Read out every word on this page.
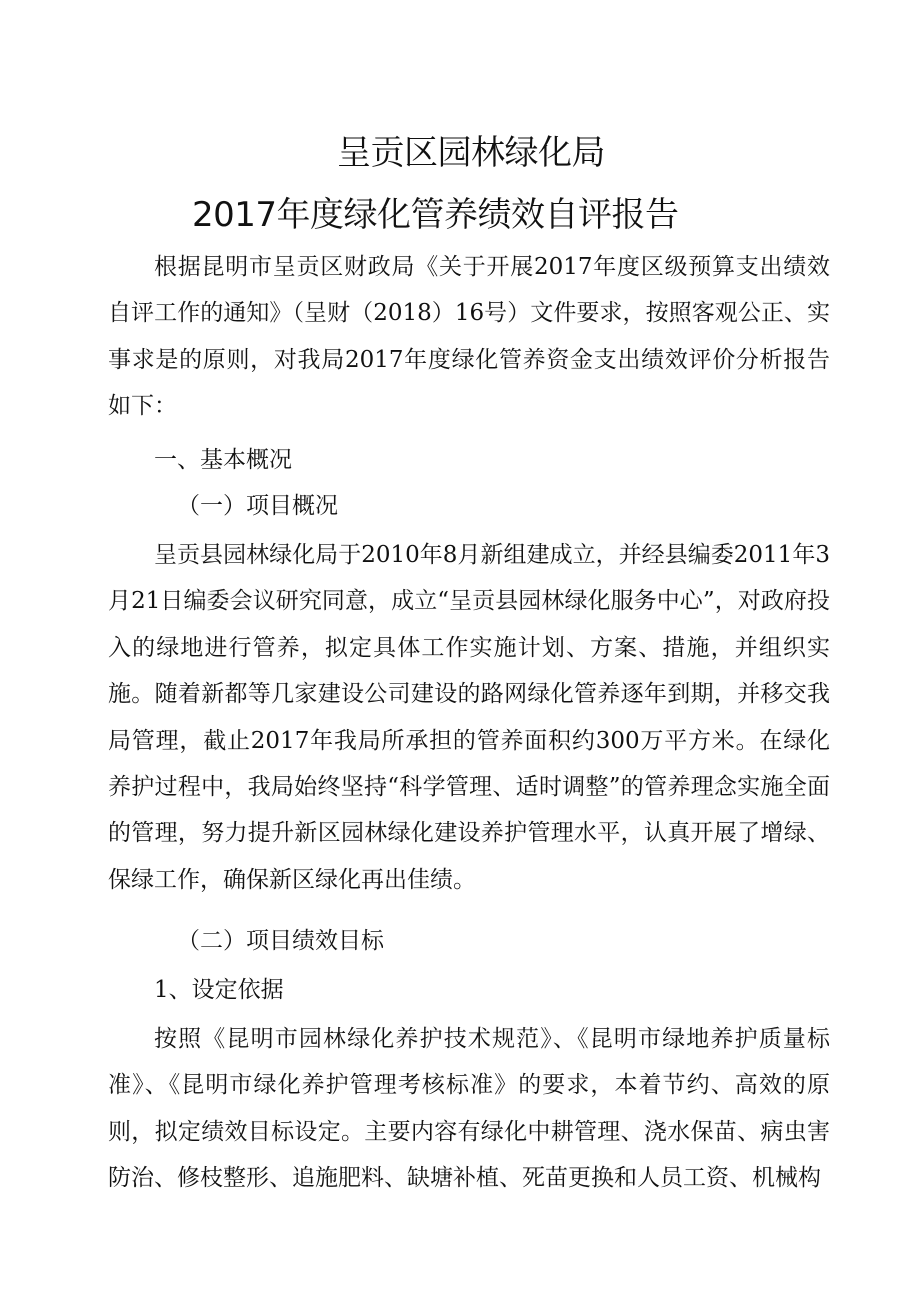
呈贡区园林绿化局
2017年度绿化管养绩效自评报告

根据昆明市呈贡区财政局《关于开展2017年度区级预算支出绩效自评工作的通知》（呈财（2018）16号）文件要求，按照客观公正、实事求是的原则，对我局2017年度绿化管养资金支出绩效评价分析报告如下：

一、基本概况

（一）项目概况

呈贡县园林绿化局于2010年8月新组建成立，并经县编委2011年3月21日编委会议研究同意，成立“呈贡县园林绿化服务中心”，对政府投入的绿地进行管养，拟定具体工作实施计划、方案、措施，并组织实施。随着新都等几家建设公司建设的路网绿化管养逐年到期，并移交我局管理，截止2017年我局所承担的管养面积约300万平方米。在绿化养护过程中，我局始终坚持“科学管理、适时调整”的管养理念实施全面的管理，努力提升新区园林绿化建设养护管理水平，认真开展了增绿、保绿工作，确保新区绿化再出佳绩。

（二）项目绩效目标

1、设定依据

按照《昆明市园林绿化养护技术规范》、《昆明市绿地养护质量标准》、《昆明市绿化养护管理考核标准》的要求，本着节约、高效的原则，拟定绩效目标设定。主要内容有绿化中耕管理、浇水保苗、病虫害防治、修枝整形、追施肥料、缺塘补植、死苗更换和人员工资、机械构
